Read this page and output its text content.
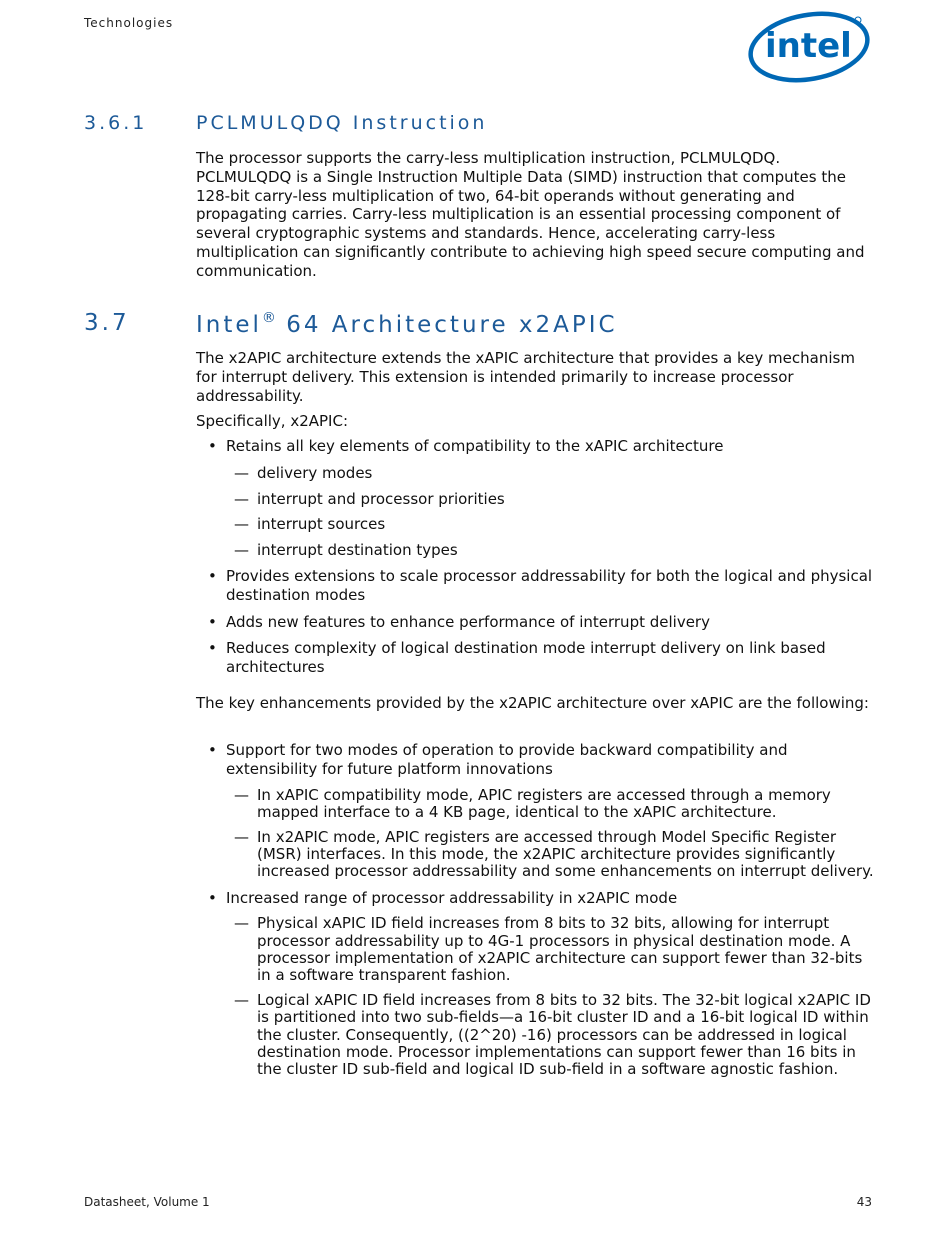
Technologies
intel
3.6.1	PCLMULQDQ Instruction

The processor supports the carry-less multiplication instruction, PCLMULQDQ. PCLMULQDQ is a Single Instruction Multiple Data (SIMD) instruction that computes the 128-bit carry-less multiplication of two, 64-bit operands without generating and propagating carries. Carry-less multiplication is an essential processing component of several cryptographic systems and standards. Hence, accelerating carry-less multiplication can significantly contribute to achieving high speed secure computing and communication.

3.7	Intel® 64 Architecture x2APIC

The x2APIC architecture extends the xAPIC architecture that provides a key mechanism for interrupt delivery. This extension is intended primarily to increase processor addressability.

Specifically, x2APIC:

• Retains all key elements of compatibility to the xAPIC architecture
— delivery modes
— interrupt and processor priorities
— interrupt sources
— interrupt destination types
• Provides extensions to scale processor addressability for both the logical and physical destination modes
• Adds new features to enhance performance of interrupt delivery
• Reduces complexity of logical destination mode interrupt delivery on link based architectures

The key enhancements provided by the x2APIC architecture over xAPIC are the following:

• Support for two modes of operation to provide backward compatibility and extensibility for future platform innovations
— In xAPIC compatibility mode, APIC registers are accessed through a memory mapped interface to a 4 KB page, identical to the xAPIC architecture.
— In x2APIC mode, APIC registers are accessed through Model Specific Register (MSR) interfaces. In this mode, the x2APIC architecture provides significantly increased processor addressability and some enhancements on interrupt delivery.
• Increased range of processor addressability in x2APIC mode
— Physical xAPIC ID field increases from 8 bits to 32 bits, allowing for interrupt processor addressability up to 4G-1 processors in physical destination mode. A processor implementation of x2APIC architecture can support fewer than 32-bits in a software transparent fashion.
— Logical xAPIC ID field increases from 8 bits to 32 bits. The 32-bit logical x2APIC ID is partitioned into two sub-fields—a 16-bit cluster ID and a 16-bit logical ID within the cluster. Consequently, ((2^20) -16) processors can be addressed in logical destination mode. Processor implementations can support fewer than 16 bits in the cluster ID sub-field and logical ID sub-field in a software agnostic fashion.
Datasheet, Volume 1	43
